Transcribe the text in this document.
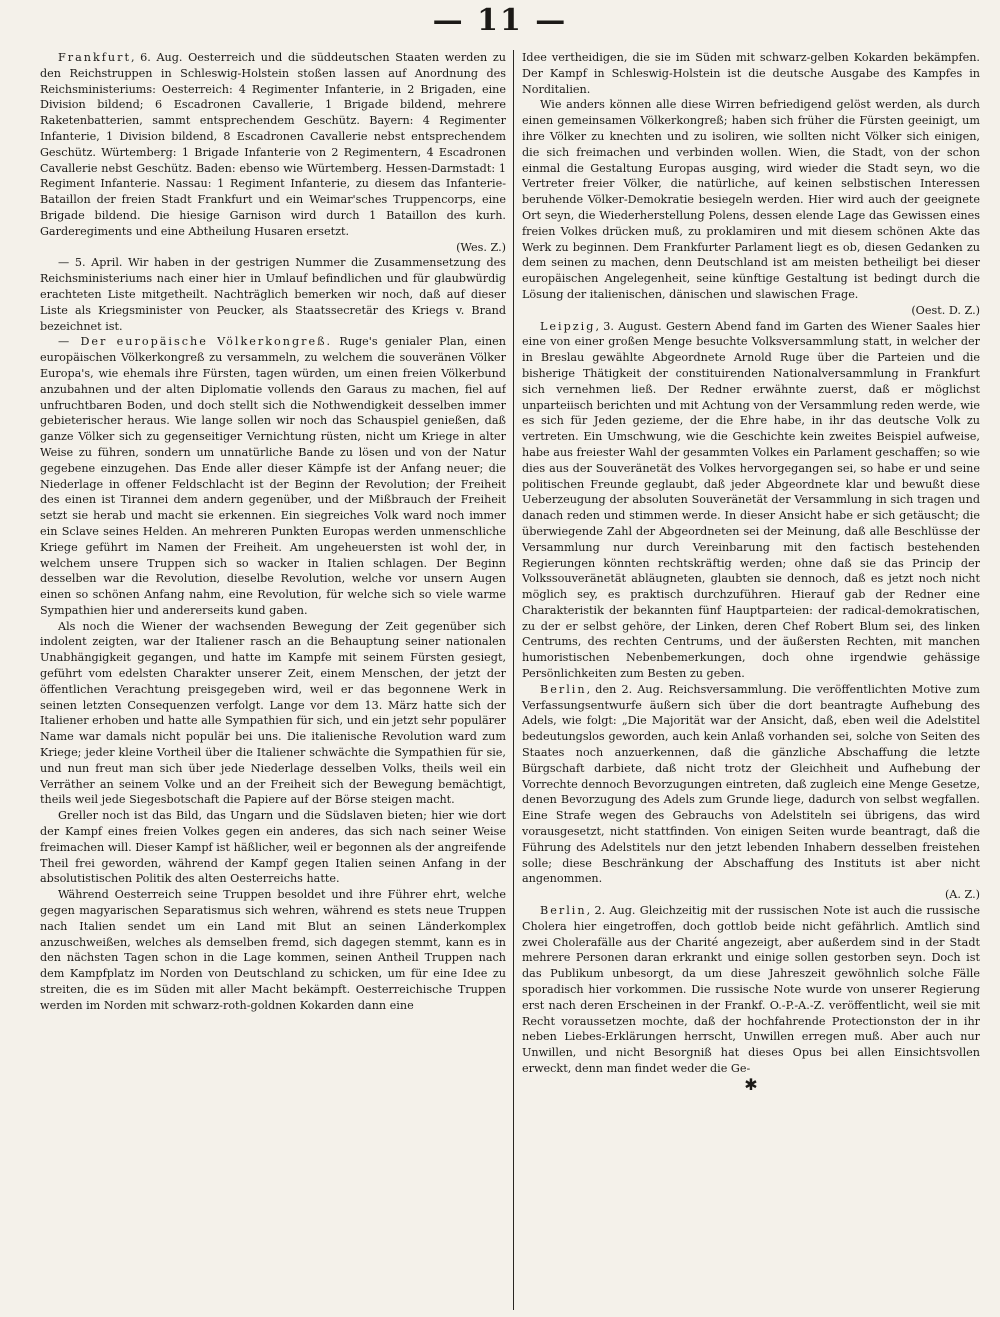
— 11 —

Frankfurt, 6. Aug. Oesterreich und die süddeutschen Staaten werden zu den Reichstruppen in Schleswig-Holstein stoßen lassen auf Anordnung des Reichsministeriums: Oesterreich: 4 Regimenter Infanterie, in 2 Brigaden, eine Division bildend; 6 Escadronen Cavallerie, 1 Brigade bildend, mehrere Raketenbatterien, sammt entsprechendem Geschütz. Bayern: 4 Regimenter Infanterie, 1 Division bildend, 8 Escadronen Cavallerie nebst entsprechendem Geschütz. Würtemberg: 1 Brigade Infanterie von 2 Regimentern, 4 Escadronen Cavallerie nebst Geschütz. Baden: ebenso wie Würtemberg. Hessen-Darmstadt: 1 Regiment Infanterie. Nassau: 1 Regiment Infanterie, zu diesem das Infanterie-Bataillon der freien Stadt Frankfurt und ein Weimar'sches Truppencorps, eine Brigade bildend. Die hiesige Garnison wird durch 1 Bataillon des kurh. Garderegiments und eine Abtheilung Husaren ersetzt.
(Wes. Z.)

— 5. April. Wir haben in der gestrigen Nummer die Zusammensetzung des Reichsministeriums nach einer hier in Umlauf befindlichen und für glaubwürdig erachteten Liste mitgetheilt. Nachträglich bemerken wir noch, daß auf dieser Liste als Kriegsminister von Peucker, als Staatssecretär des Kriegs v. Brand bezeichnet ist.

— Der europäische Völkerkongreß. Ruge's genialer Plan, einen europäischen Völkerkongreß zu versammeln, zu welchem die souveränen Völker Europa's, wie ehemals ihre Fürsten, tagen würden, um einen freien Völkerbund anzubahnen und der alten Diplomatie vollends den Garaus zu machen, fiel auf unfruchtbaren Boden, und doch stellt sich die Nothwendigkeit desselben immer gebieterischer heraus. Wie lange sollen wir noch das Schauspiel genießen, daß ganze Völker sich zu gegenseitiger Vernichtung rüsten, nicht um Kriege in alter Weise zu führen, sondern um unnatürliche Bande zu lösen und von der Natur gegebene einzugehen. Das Ende aller dieser Kämpfe ist der Anfang neuer; die Niederlage in offener Feldschlacht ist der Beginn der Revolution; der Freiheit des einen ist Tirannei dem andern gegenüber, und der Mißbrauch der Freiheit setzt sie herab und macht sie erkennen. Ein siegreiches Volk ward noch immer ein Sclave seines Helden. An mehreren Punkten Europas werden unmenschliche Kriege geführt im Namen der Freiheit. Am ungeheuersten ist wohl der, in welchem unsere Truppen sich so wacker in Italien schlagen. Der Beginn desselben war die Revolution, dieselbe Revolution, welche vor unsern Augen einen so schönen Anfang nahm, eine Revolution, für welche sich so viele warme Sympathien hier und andererseits kund gaben.

Als noch die Wiener der wachsenden Bewegung der Zeit gegenüber sich indolent zeigten, war der Italiener rasch an die Behauptung seiner nationalen Unabhängigkeit gegangen, und hatte im Kampfe mit seinem Fürsten gesiegt, geführt vom edelsten Charakter unserer Zeit, einem Menschen, der jetzt der öffentlichen Verachtung preisgegeben wird, weil er das begonnene Werk in seinen letzten Consequenzen verfolgt. Lange vor dem 13. März hatte sich der Italiener erhoben und hatte alle Sympathien für sich, und ein jetzt sehr populärer Name war damals nicht populär bei uns. Die italienische Revolution ward zum Kriege; jeder kleine Vortheil über die Italiener schwächte die Sympathien für sie, und nun freut man sich über jede Niederlage desselben Volks, theils weil ein Verräther an seinem Volke und an der Freiheit sich der Bewegung bemächtigt, theils weil jede Siegesbotschaft die Papiere auf der Börse steigen macht.

Greller noch ist das Bild, das Ungarn und die Südslaven bieten; hier wie dort der Kampf eines freien Volkes gegen ein anderes, das sich nach seiner Weise freimachen will. Dieser Kampf ist häßlicher, weil er begonnen als der angreifende Theil frei geworden, während der Kampf gegen Italien seinen Anfang in der absolutistischen Politik des alten Oesterreichs hatte.

Während Oesterreich seine Truppen besoldet und ihre Führer ehrt, welche gegen magyarischen Separatismus sich wehren, während es stets neue Truppen nach Italien sendet um ein Land mit Blut an seinen Länderkomplex anzuschweißen, welches als demselben fremd, sich dagegen stemmt, kann es in den nächsten Tagen schon in die Lage kommen, seinen Antheil Truppen nach dem Kampfplatz im Norden von Deutschland zu schicken, um für eine Idee zu streiten, die es im Süden mit aller Macht bekämpft. Oesterreichische Truppen werden im Norden mit schwarz-roth-goldnen Kokarden dann eine

Idee vertheidigen, die sie im Süden mit schwarz-gelben Kokarden bekämpfen. Der Kampf in Schleswig-Holstein ist die deutsche Ausgabe des Kampfes in Norditalien.

Wie anders können alle diese Wirren befriedigend gelöst werden, als durch einen gemeinsamen Völkerkongreß; haben sich früher die Fürsten geeinigt, um ihre Völker zu knechten und zu isoliren, wie sollten nicht Völker sich einigen, die sich freimachen und verbinden wollen. Wien, die Stadt, von der schon einmal die Gestaltung Europas ausging, wird wieder die Stadt seyn, wo die Vertreter freier Völker, die natürliche, auf keinen selbstischen Interessen beruhende Völker-Demokratie besiegeln werden. Hier wird auch der geeignete Ort seyn, die Wiederherstellung Polens, dessen elende Lage das Gewissen eines freien Volkes drücken muß, zu proklamiren und mit diesem schönen Akte das Werk zu beginnen. Dem Frankfurter Parlament liegt es ob, diesen Gedanken zu dem seinen zu machen, denn Deutschland ist am meisten betheiligt bei dieser europäischen Angelegenheit, seine künftige Gestaltung ist bedingt durch die Lösung der italienischen, dänischen und slawischen Frage.
(Oest. D. Z.)

Leipzig, 3. August. Gestern Abend fand im Garten des Wiener Saales hier eine von einer großen Menge besuchte Volksversammlung statt, in welcher der in Breslau gewählte Abgeordnete Arnold Ruge über die Parteien und die bisherige Thätigkeit der constituirenden Nationalversammlung in Frankfurt sich vernehmen ließ. Der Redner erwähnte zuerst, daß er möglichst unparteiisch berichten und mit Achtung von der Versammlung reden werde, wie es sich für Jeden gezieme, der die Ehre habe, in ihr das deutsche Volk zu vertreten. Ein Umschwung, wie die Geschichte kein zweites Beispiel aufweise, habe aus freiester Wahl der gesammten Volkes ein Parlament geschaffen; so wie dies aus der Souveränetät des Volkes hervorgegangen sei, so habe er und seine politischen Freunde geglaubt, daß jeder Abgeordnete klar und bewußt diese Ueberzeugung der absoluten Souveränetät der Versammlung in sich tragen und danach reden und stimmen werde. In dieser Ansicht habe er sich getäuscht; die überwiegende Zahl der Abgeordneten sei der Meinung, daß alle Beschlüsse der Versammlung nur durch Vereinbarung mit den factisch bestehenden Regierungen könnten rechtskräftig werden; ohne daß sie das Princip der Volkssouveränetät abläugneten, glaubten sie dennoch, daß es jetzt noch nicht möglich sey, es praktisch durchzuführen. Hierauf gab der Redner eine Charakteristik der bekannten fünf Hauptparteien: der radical-demokratischen, zu der er selbst gehöre, der Linken, deren Chef Robert Blum sei, des linken Centrums, des rechten Centrums, und der äußersten Rechten, mit manchen humoristischen Nebenbemerkungen, doch ohne irgendwie gehässige Persönlichkeiten zum Besten zu geben.

Berlin, den 2. Aug. Reichsversammlung. Die veröffentlichten Motive zum Verfassungsentwurfe äußern sich über die dort beantragte Aufhebung des Adels, wie folgt: „Die Majorität war der Ansicht, daß, eben weil die Adelstitel bedeutungslos geworden, auch kein Anlaß vorhanden sei, solche von Seiten des Staates noch anzuerkennen, daß die gänzliche Abschaffung die letzte Bürgschaft darbiete, daß nicht trotz der Gleichheit und Aufhebung der Vorrechte dennoch Bevorzugungen eintreten, daß zugleich eine Menge Gesetze, denen Bevorzugung des Adels zum Grunde liege, dadurch von selbst wegfallen. Eine Strafe wegen des Gebrauchs von Adelstiteln sei übrigens, das wird vorausgesetzt, nicht stattfinden. Von einigen Seiten wurde beantragt, daß die Führung des Adelstitels nur den jetzt lebenden Inhabern desselben freistehen solle; diese Beschränkung der Abschaffung des Instituts ist aber nicht angenommen.
(A. Z.)

Berlin, 2. Aug. Gleichzeitig mit der russischen Note ist auch die russische Cholera hier eingetroffen, doch gottlob beide nicht gefährlich. Amtlich sind zwei Cholerafälle aus der Charité angezeigt, aber außerdem sind in der Stadt mehrere Personen daran erkrankt und einige sollen gestorben seyn. Doch ist das Publikum unbesorgt, da um diese Jahreszeit gewöhnlich solche Fälle sporadisch hier vorkommen. Die russische Note wurde von unserer Regierung erst nach deren Erscheinen in der Frankf. O.-P.-A.-Z. veröffentlicht, weil sie mit Recht voraussetzen mochte, daß der hochfahrende Protectionston der in ihr neben Liebes-Erklärungen herrscht, Unwillen erregen muß. Aber auch nur Unwillen, und nicht Besorgniß hat dieses Opus bei allen Einsichtsvollen erweckt, denn man findet weder die Ge-

✱
